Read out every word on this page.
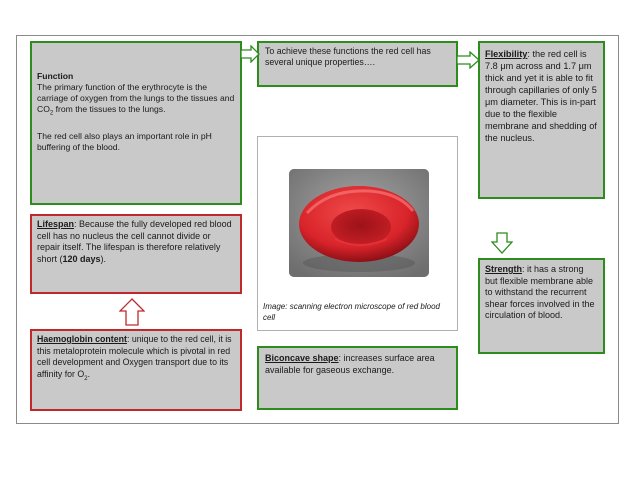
Function
The primary function of the erythrocyte is the carriage of oxygen from the lungs to the tissues and $CO_2$ from the tissues to the lungs.
The red cell also plays an important role in pH buffering of the blood.
To achieve these functions the red cell has several unique properties….
Flexibility: the red cell is 7.8 μm across and 1.7 μm thick and yet it is able to fit through capillaries of only 5 μm diameter. This is in-part due to the flexible membrane and shedding of the nucleus.
Lifespan: Because the fully developed red blood cell has no nucleus the cell cannot divide or repair itself. The lifespan is therefore relatively short (120 days).
Haemoglobin content: unique to the red cell, it is this metaloprotein molecule which is pivotal in red cell development and Oxygen transport due to its affinity for $O_2$.
Image: scanning electron microscope of red blood cell
Biconcave shape: increases surface area available for gaseous exchange.
Strength: it has a strong but flexible membrane able to withstand the recurrent shear forces involved in the circulation of blood.
